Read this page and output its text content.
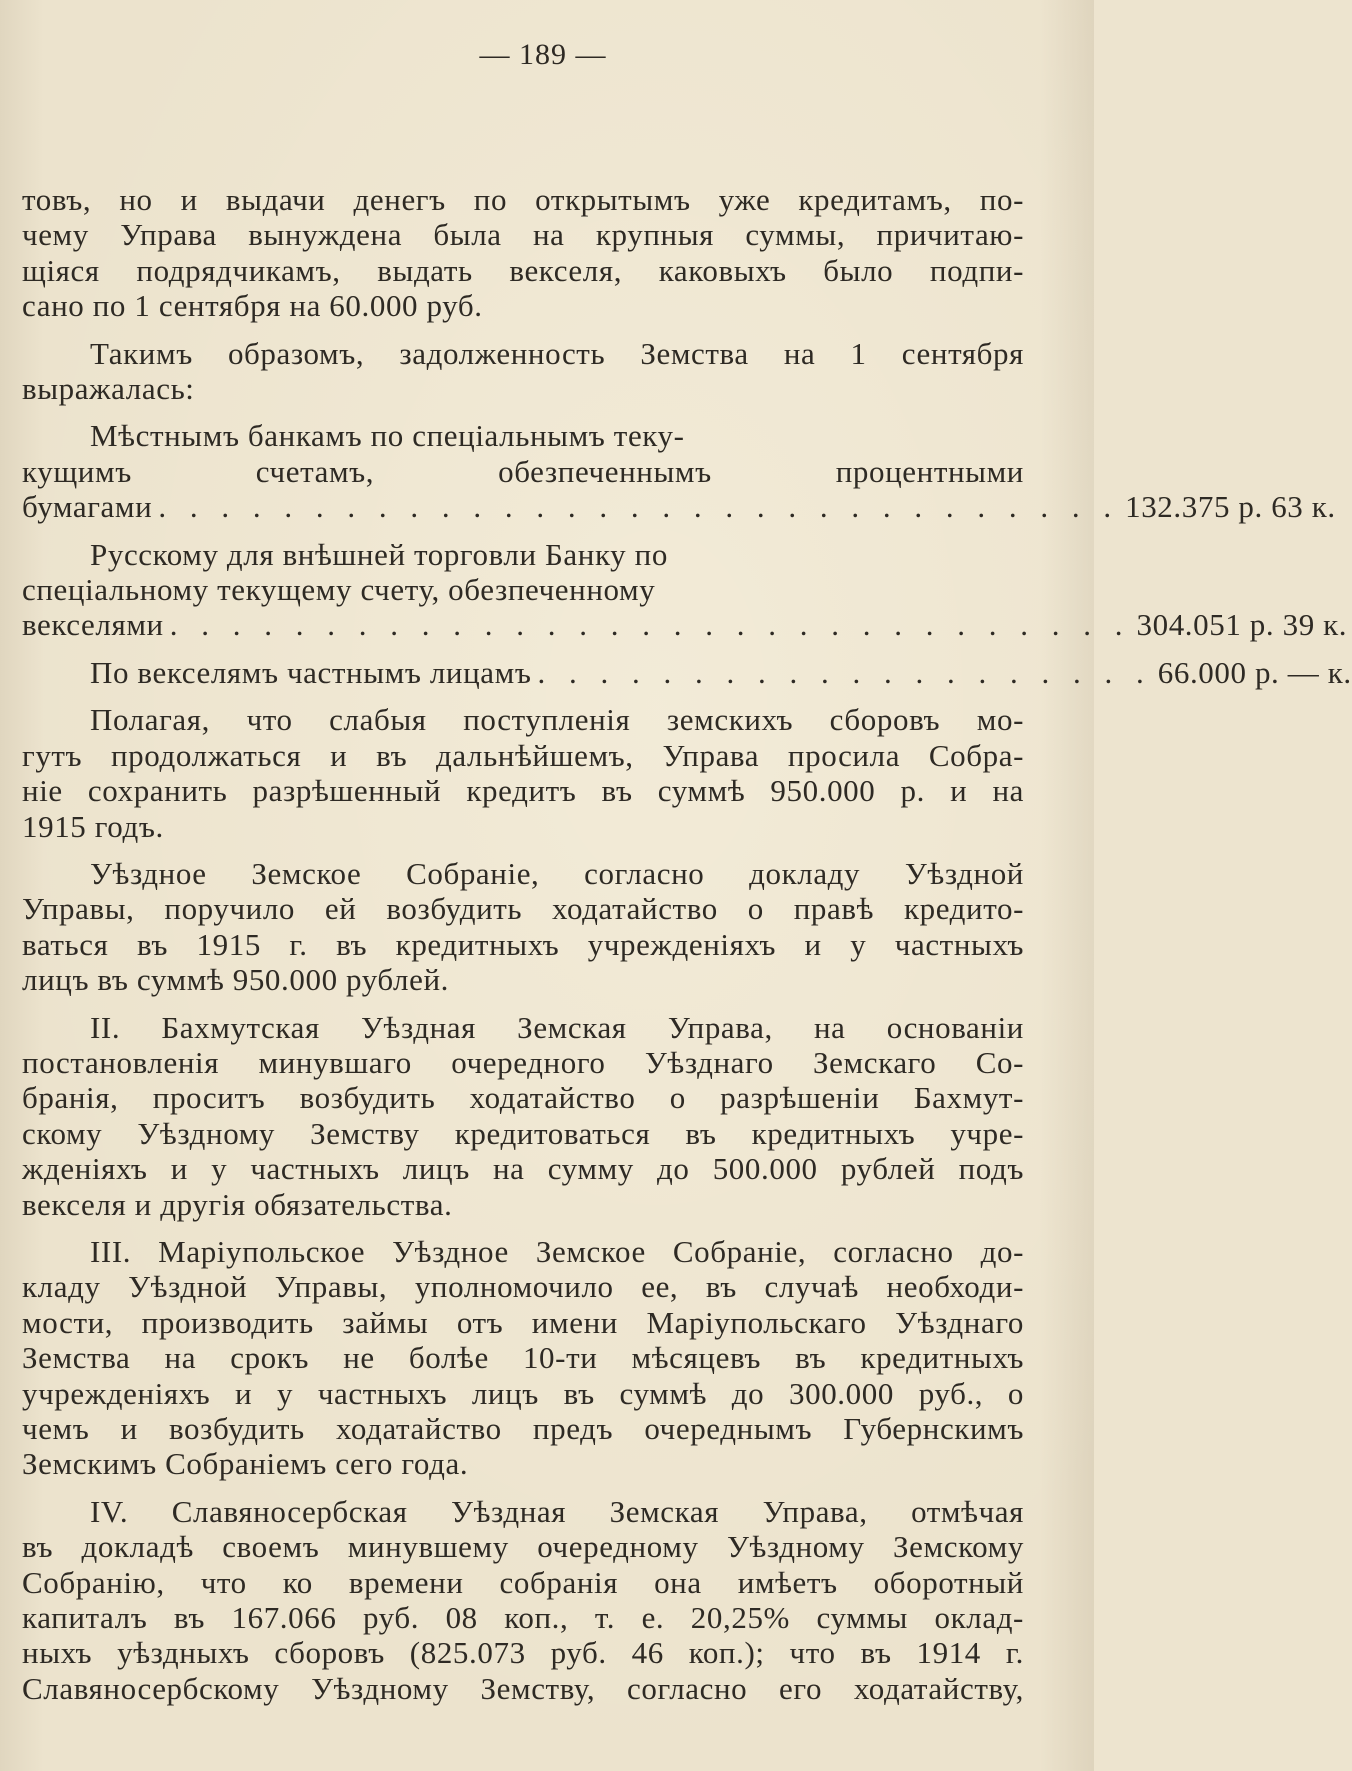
— 189 —
товъ, но и выдачи денегъ по открытымъ уже кредитамъ, по-
чему Управа вынуждена была на крупныя суммы, причитаю-
щіяся подрядчикамъ, выдать векселя, каковыхъ было подпи-
сано по 1 сентября на 60.000 руб.
Такимъ образомъ, задолженность Земства на 1 сентября
выражалась:
Мѣстнымъ банкамъ по спеціальнымъ теку-
кущимъ счетамъ, обезпеченнымъ процентными
бумагами . . . . . . . . . . . . . . . . . . . . . . . . . . . . . . . 132.375 р. 63 к.
Русскому для внѣшней торговли Банку по
спеціальному текущему счету, обезпеченному
векселями . . . . . . . . . . . . . . . . . . . . . . . . . . . . . . . 304.051 р. 39 к.
По векселямъ частнымъ лицамъ . . . . . . . . . . . . . . . . . . . . 66.000 р. — к.
Полагая, что слабыя поступленія земскихъ сборовъ мо-
гутъ продолжаться и въ дальнѣйшемъ, Управа просила Собра-
ніе сохранить разрѣшенный кредитъ въ суммѣ 950.000 р. и на
1915 годъ.
Уѣздное Земское Собраніе, согласно докладу Уѣздной
Управы, поручило ей возбудить ходатайство о правѣ кредито-
ваться въ 1915 г. въ кредитныхъ учрежденіяхъ и у частныхъ
лицъ въ суммѣ 950.000 рублей.
II. Бахмутская Уѣздная Земская Управа, на основаніи
постановленія минувшаго очередного Уѣзднаго Земскаго Со-
бранія, проситъ возбудить ходатайство о разрѣшеніи Бахмут-
скому Уѣздному Земству кредитоваться въ кредитныхъ учре-
жденіяхъ и у частныхъ лицъ на сумму до 500.000 рублей подъ
векселя и другія обязательства.
III. Маріупольское Уѣздное Земское Собраніе, согласно до-
кладу Уѣздной Управы, уполномочило ее, въ случаѣ необходи-
мости, производить займы отъ имени Маріупольскаго Уѣзднаго
Земства на срокъ не болѣе 10-ти мѣсяцевъ въ кредитныхъ
учрежденіяхъ и у частныхъ лицъ въ суммѣ до 300.000 руб., о
чемъ и возбудить ходатайство предъ очереднымъ Губернскимъ
Земскимъ Собраніемъ сего года.
IV. Славяносербская Уѣздная Земская Управа, отмѣчая
въ докладѣ своемъ минувшему очередному Уѣздному Земскому
Собранію, что ко времени собранія она имѣетъ оборотный
капиталъ въ 167.066 руб. 08 коп., т. е. 20,25% суммы оклад-
ныхъ уѣздныхъ сборовъ (825.073 руб. 46 коп.); что въ 1914 г.
Славяносербскому Уѣздному Земству, согласно его ходатайству,
